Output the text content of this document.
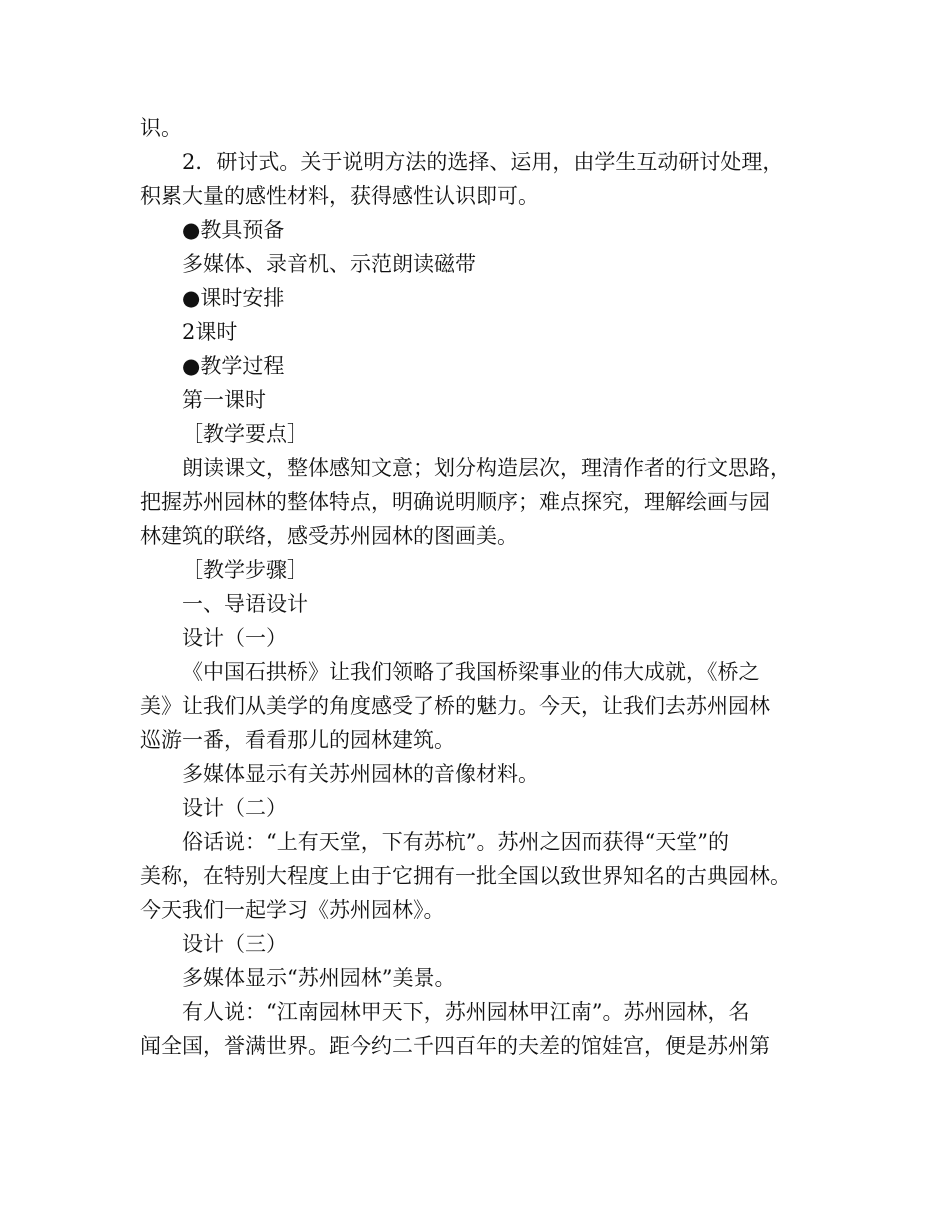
识。
2．研讨式。关于说明方法的选择、运用，由学生互动研讨处理，
积累大量的感性材料，获得感性认识即可。
●教具预备
多媒体、录音机、示范朗读磁带
●课时安排
2课时
●教学过程
第一课时
［教学要点］
朗读课文，整体感知文意；划分构造层次，理清作者的行文思路，
把握苏州园林的整体特点，明确说明顺序；难点探究，理解绘画与园
林建筑的联络，感受苏州园林的图画美。
［教学步骤］
一、导语设计
设计（一）
《中国石拱桥》让我们领略了我国桥梁事业的伟大成就，《桥之
美》让我们从美学的角度感受了桥的魅力。今天，让我们去苏州园林
巡游一番，看看那儿的园林建筑。
多媒体显示有关苏州园林的音像材料。
设计（二）
俗话说：“上有天堂，下有苏杭”。苏州之因而获得“天堂”的
美称，在特别大程度上由于它拥有一批全国以致世界知名的古典园林。
今天我们一起学习《苏州园林》。
设计（三）
多媒体显示“苏州园林”美景。
有人说：“江南园林甲天下，苏州园林甲江南”。苏州园林，名
闻全国，誉满世界。距今约二千四百年的夫差的馆娃宫，便是苏州第
